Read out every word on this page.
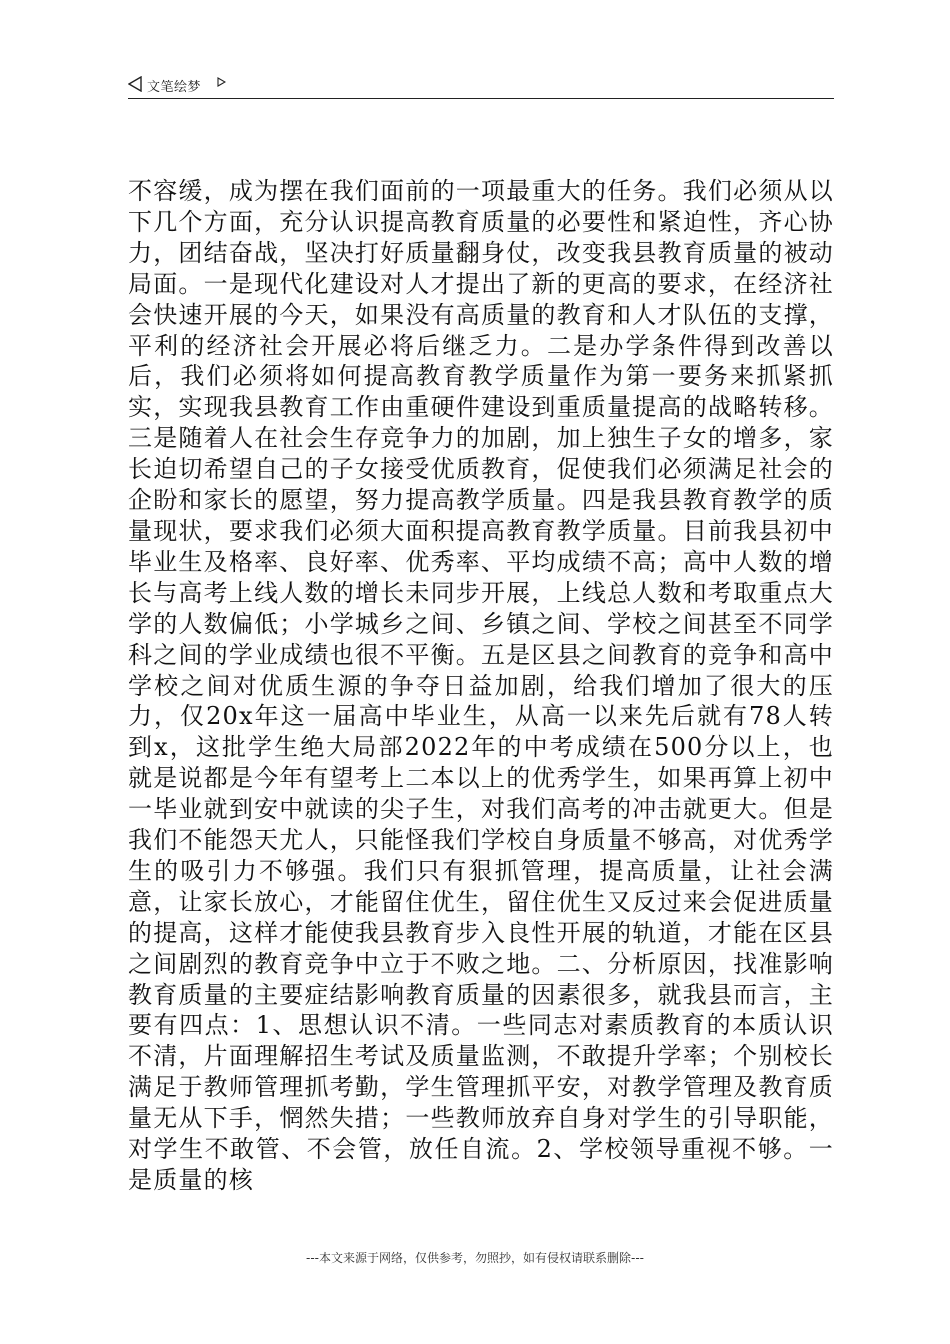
文笔绘梦

不容缓，成为摆在我们面前的一项最重大的任务。我们必须从以下几个方面，充分认识提高教育质量的必要性和紧迫性，齐心协力，团结奋战，坚决打好质量翻身仗，改变我县教育质量的被动局面。一是现代化建设对人才提出了新的更高的要求，在经济社会快速开展的今天，如果没有高质量的教育和人才队伍的支撑，平利的经济社会开展必将后继乏力。二是办学条件得到改善以后，我们必须将如何提高教育教学质量作为第一要务来抓紧抓实，实现我县教育工作由重硬件建设到重质量提高的战略转移。三是随着人在社会生存竞争力的加剧，加上独生子女的增多，家长迫切希望自己的子女接受优质教育，促使我们必须满足社会的企盼和家长的愿望，努力提高教学质量。四是我县教育教学的质量现状，要求我们必须大面积提高教育教学质量。目前我县初中毕业生及格率、良好率、优秀率、平均成绩不高；高中人数的增长与高考上线人数的增长未同步开展，上线总人数和考取重点大学的人数偏低；小学城乡之间、乡镇之间、学校之间甚至不同学科之间的学业成绩也很不平衡。五是区县之间教育的竞争和高中学校之间对优质生源的争夺日益加剧，给我们增加了很大的压力，仅20x年这一届高中毕业生，从高一以来先后就有78人转到x，这批学生绝大局部2022年的中考成绩在500分以上，也就是说都是今年有望考上二本以上的优秀学生，如果再算上初中一毕业就到安中就读的尖子生，对我们高考的冲击就更大。但是我们不能怨天尤人，只能怪我们学校自身质量不够高，对优秀学生的吸引力不够强。我们只有狠抓管理，提高质量，让社会满意，让家长放心，才能留住优生，留住优生又反过来会促进质量的提高，这样才能使我县教育步入良性开展的轨道，才能在区县之间剧烈的教育竞争中立于不败之地。二、分析原因，找准影响教育质量的主要症结影响教育质量的因素很多，就我县而言，主要有四点：1、思想认识不清。一些同志对素质教育的本质认识不清，片面理解招生考试及质量监测，不敢提升学率；个别校长满足于教师管理抓考勤，学生管理抓平安，对教学管理及教育质量无从下手，惘然失措；一些教师放弃自身对学生的引导职能，对学生不敢管、不会管，放任自流。2、学校领导重视不够。一是质量的核

---本文来源于网络，仅供参考，勿照抄，如有侵权请联系删除---
